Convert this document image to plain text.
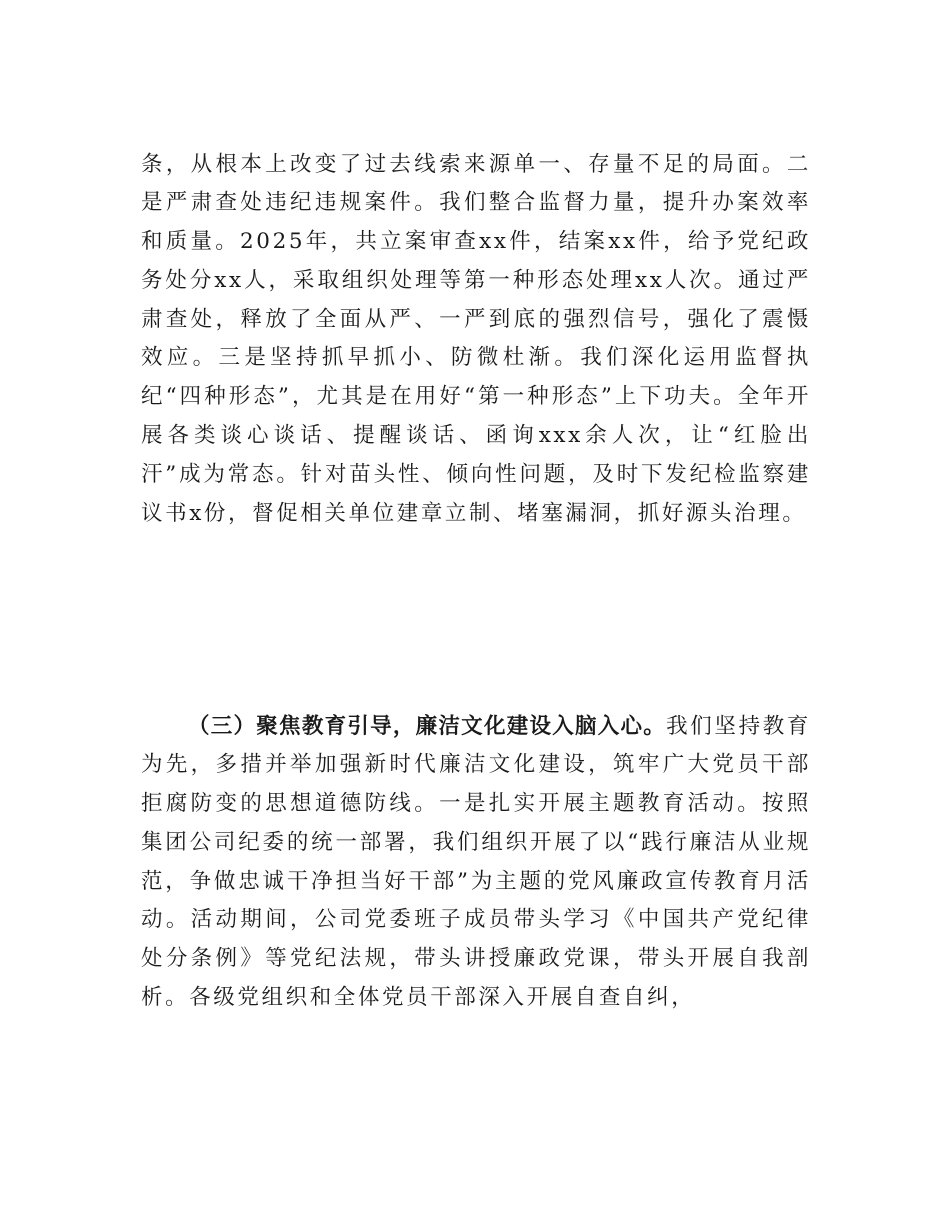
条，从根本上改变了过去线索来源单一、存量不足的局面。二是严肃查处违纪违规案件。我们整合监督力量，提升办案效率和质量。2025年，共立案审查xx件，结案xx件，给予党纪政务处分xx人，采取组织处理等第一种形态处理xx人次。通过严肃查处，释放了全面从严、一严到底的强烈信号，强化了震慑效应。三是坚持抓早抓小、防微杜渐。我们深化运用监督执纪“四种形态”，尤其是在用好“第一种形态”上下功夫。全年开展各类谈心谈话、提醒谈话、函询xxx余人次，让“红脸出汗”成为常态。针对苗头性、倾向性问题，及时下发纪检监察建议书x份，督促相关单位建章立制、堵塞漏洞，抓好源头治理。

（三）聚焦教育引导，廉洁文化建设入脑入心。我们坚持教育为先，多措并举加强新时代廉洁文化建设，筑牢广大党员干部拒腐防变的思想道德防线。一是扎实开展主题教育活动。按照集团公司纪委的统一部署，我们组织开展了以“践行廉洁从业规范，争做忠诚干净担当好干部”为主题的党风廉政宣传教育月活动。活动期间，公司党委班子成员带头学习《中国共产党纪律处分条例》等党纪法规，带头讲授廉政党课，带头开展自我剖析。各级党组织和全体党员干部深入开展自查自纠，
